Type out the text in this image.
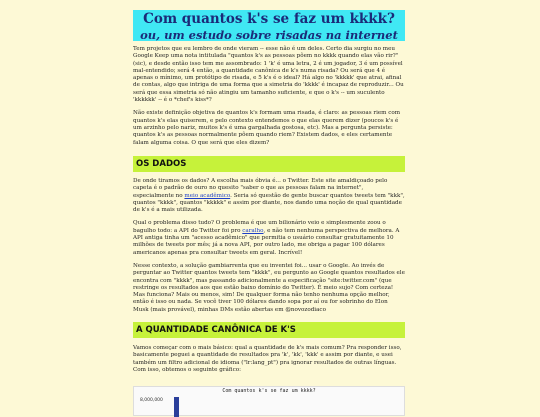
Com quantos k's se faz um kkkk?
ou, um estudo sobre risadas na internet

Tem projetos que eu lembro de onde vieram -- esse não é um deles. Certo dia surgiu no meu Google Keep uma nota intitulada "quantos k's as pessoas põem no kkkk quando elas vão rir?" (sic), e desde então isso tem me assombrado: 1 'k' é uma letra, 2 é um jogador, 3 é um possível mal-entendido; será 4 então, a quantidade canônica de k's numa risada? Ou será que 4 é apenas o mínimo, um protótipo de risada, e 5 k's é o ideal? Há algo no 'kkkkk' que atrai, afinal de contas, algo que intriga de uma forma que a simetria do 'kkkk' é incapaz de reproduzir... Ou será que essa simetria só não atingiu um tamanho suficiente, e que o k's -- um suculento 'kkkkkk' -- é o *chef's kiss*?

Não existe definição objetiva de quantos k's formam uma risada, é claro: as pessoas riem com quantos k's elas quiserem, e pelo contexto entendemos o que elas querem dizer (poucos k's é um arzinho pelo nariz, muitos k's é uma gargalhada gostosa, etc). Mas a pergunta persiste: quantos k's as pessoas normalmente põem quando riem? Existem dados, e eles certamente falam alguma coisa. O que será que eles dizem?

OS DADOS

De onde tiramos os dados? A escolha mais óbvia é... o Twitter. Este site amaldiçoado pelo capeta é o padrão de ouro no quesito "saber o que as pessoas falam na internet", especialmente no meio acadêmico. Seria só questão de gente buscar quantos tweets tem "kkk", quantos "kkkk", quantos "kkkkk" e assim por diante, nos dando uma noção de qual quantidade de k's é a mais utilizada.

Qual o problema disso tudo? O problema é que um bilionário veio e simplesmente zoou o bagulho todo: a API do Twitter foi pro caralho, e não tem nenhuma perspectiva de melhora. A API antiga tinha um "acesso acadêmico" que permitia o usuário consultar gratuitamente 10 milhões de tweets por mês; já a nova API, por outro lado, me obriga a pagar 100 dólares americanos apenas pra consultar tweets em geral. Incrível!

Nesse contexto, a solução gambiarrenta que eu inventei foi... usar o Google. Ao invés de perguntar ao Twitter quantos tweets tem "kkkk", eu pergunto ao Google quantos resultados ele encontra com "kkkk", mas passando adicionalmente a especificação "site:twitter.com" (que restringe os resultados aos que estão baixo domínio do Twitter). É meio sujo? Com certeza! Mas funciona? Mais ou menos, sim! De qualquer forma não tenho nenhuma opção melhor, então é isso ou nada. Se você tiver 100 dólares dando sopa por aí ou for sobrinho do Elon Musk (mais provável), minhas DMs estão abertas em @novozodiaco

A QUANTIDADE CANÔNICA DE K'S

Vamos começar com o mais básico: qual a quantidade de k's mais comum? Pra responder isso, basicamente peguei a quantidade de resultados pra 'k', 'kk', 'kkk' e assim por diante, e usei também um filtro adicional de idioma ("lr:lang_pt") pra ignorar resultados de outras línguas. Com isso, obtemos o seguinte gráfico:

Com quantos k's se faz um kkkk?
8,000,000
